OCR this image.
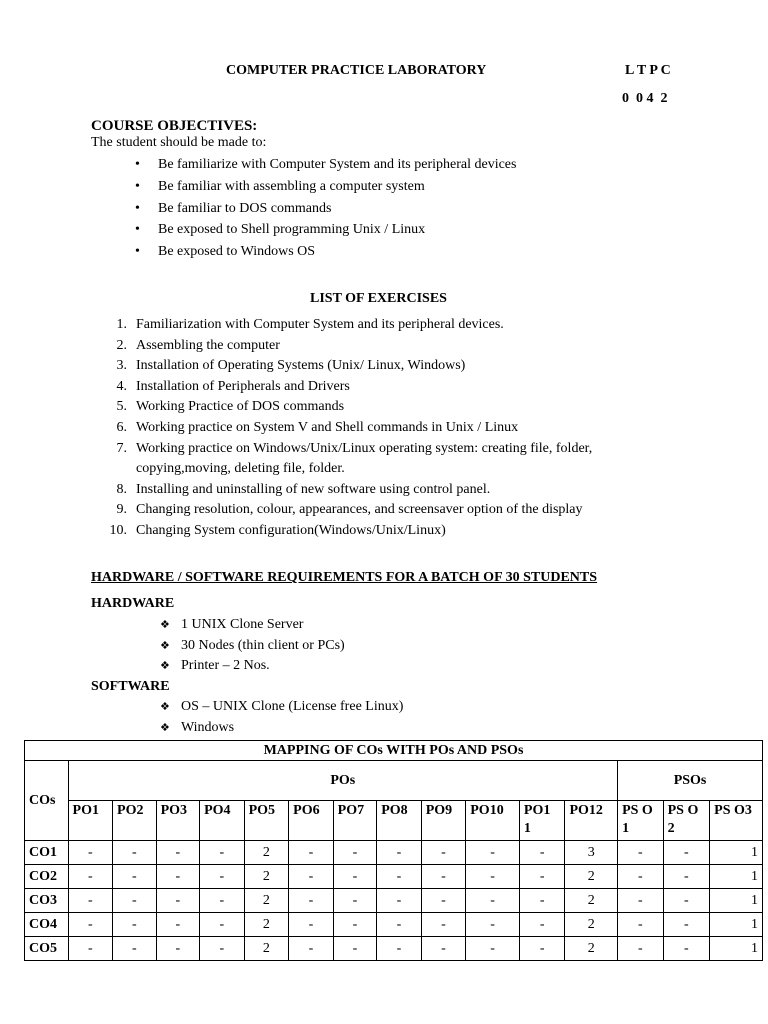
COMPUTER PRACTICE LABORATORY	L T P C
0  0 4  2
COURSE OBJECTIVES:
The student should be made to:
• Be familiarize with Computer System and its peripheral devices
• Be familiar with assembling a computer system
• Be familiar to DOS commands
• Be exposed to Shell programming Unix / Linux
• Be exposed to Windows OS
LIST OF EXERCISES
1. Familiarization with Computer System and its peripheral devices.
2. Assembling the computer
3. Installation of Operating Systems (Unix/ Linux, Windows)
4. Installation of Peripherals and Drivers
5. Working Practice of DOS commands
6. Working practice on System V and Shell commands in Unix / Linux
7. Working practice on Windows/Unix/Linux operating system: creating file, folder, copying,moving, deleting file, folder.
8. Installing and uninstalling of new software using control panel.
9. Changing resolution, colour, appearances, and screensaver option of the display
10. Changing System configuration(Windows/Unix/Linux)
HARDWARE / SOFTWARE REQUIREMENTS FOR A BATCH OF 30 STUDENTS
HARDWARE
❖ 1 UNIX Clone Server
❖ 30 Nodes (thin client or PCs)
❖ Printer – 2 Nos.
SOFTWARE
❖ OS – UNIX Clone (License free Linux)
❖ Windows
MAPPING OF COs WITH POs AND PSOs															
COs	POs												PSOs		
	PO1	PO2	PO3	PO4	PO5	PO6	PO7	PO8	PO9	PO10	PO1 1	PO12	PS O1	PS O2	PS O3
CO1	-	-	-	-	2	-	-	-	-	-	-	3	-	-	1
CO2	-	-	-	-	2	-	-	-	-	-	-	2	-	-	1
CO3	-	-	-	-	2	-	-	-	-	-	-	2	-	-	1
CO4	-	-	-	-	2	-	-	-	-	-	-	2	-	-	1
CO5	-	-	-	-	2	-	-	-	-	-	-	2	-	-	1
